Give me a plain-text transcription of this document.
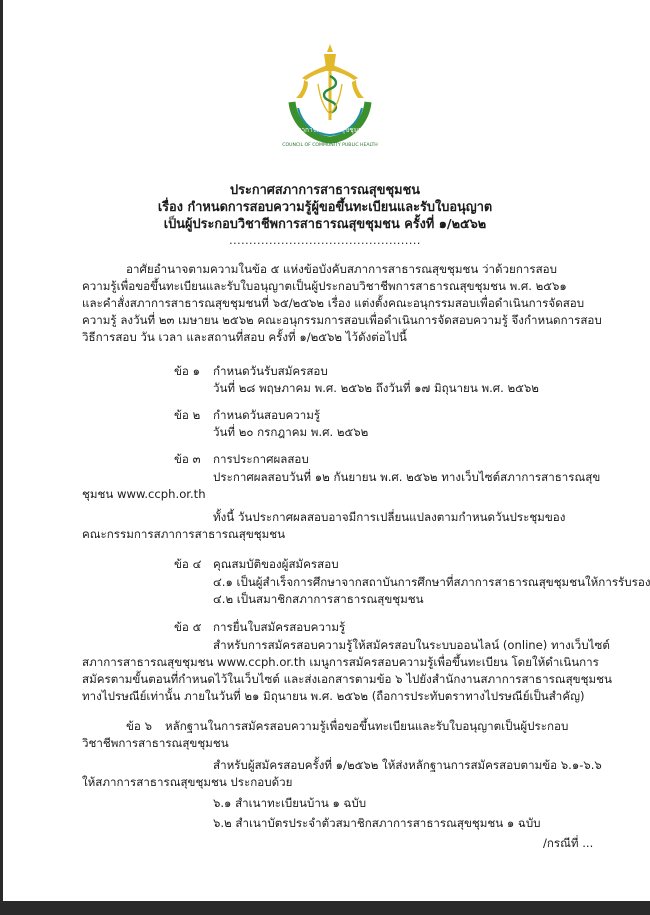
COUNCIL OF COMMUNITY PUBLIC HEALTH
สภาการสาธารณสุขชุมชน
ประกาศสภาการสาธารณสุขชุมชน
เรื่อง กำหนดการสอบความรู้ผู้ขอขึ้นทะเบียนและรับใบอนุญาต
เป็นผู้ประกอบวิชาชีพการสาธารณสุขชุมชน ครั้งที่ ๑/๒๕๖๒
................................................
อาศัยอำนาจตามความในข้อ ๕ แห่งข้อบังคับสภาการสาธารณสุขชุมชน ว่าด้วยการสอบ
ความรู้เพื่อขอขึ้นทะเบียนและรับใบอนุญาตเป็นผู้ประกอบวิชาชีพการสาธารณสุขชุมชน พ.ศ. ๒๕๖๑
และคำสั่งสภาการสาธารณสุขชุมชนที่ ๖๕/๒๕๖๒ เรื่อง แต่งตั้งคณะอนุกรรมสอบเพื่อดำเนินการจัดสอบ
ความรู้ ลงวันที่ ๒๓ เมษายน ๒๕๖๒ คณะอนุกรรมการสอบเพื่อดำเนินการจัดสอบความรู้ จึงกำหนดการสอบ
วิธีการสอบ วัน เวลา และสถานที่สอบ ครั้งที่ ๑/๒๕๖๒ ไว้ดังต่อไปนี้
ข้อ ๑ กำหนดวันรับสมัครสอบ
วันที่ ๒๘ พฤษภาคม พ.ศ. ๒๕๖๒ ถึงวันที่ ๑๗ มิถุนายน พ.ศ. ๒๕๖๒
ข้อ ๒ กำหนดวันสอบความรู้
วันที่ ๒๐ กรกฎาคม พ.ศ. ๒๕๖๒
ข้อ ๓ การประกาศผลสอบ
ประกาศผลสอบวันที่ ๑๒ กันยายน พ.ศ. ๒๕๖๒ ทางเว็บไซต์สภาการสาธารณสุข
ชุมชน www.ccph.or.th
ทั้งนี้ วันประกาศผลสอบอาจมีการเปลี่ยนแปลงตามกำหนดวันประชุมของ
คณะกรรมการสภาการสาธารณสุขชุมชน
ข้อ ๔ คุณสมบัติของผู้สมัครสอบ
๔.๑ เป็นผู้สำเร็จการศึกษาจากสถาบันการศึกษาที่สภาการสาธารณสุขชุมชนให้การรับรอง
๔.๒ เป็นสมาชิกสภาการสาธารณสุขชุมชน
ข้อ ๕ การยื่นใบสมัครสอบความรู้
สำหรับการสมัครสอบความรู้ให้สมัครสอบในระบบออนไลน์ (online) ทางเว็บไซต์
สภาการสาธารณสุขชุมชน www.ccph.or.th เมนูการสมัครสอบความรู้เพื่อขึ้นทะเบียน โดยให้ดำเนินการ
สมัครตามขั้นตอนที่กำหนดไว้ในเว็บไซต์ และส่งเอกสารตามข้อ ๖ ไปยังสำนักงานสภาการสาธารณสุขชุมชน
ทางไปรษณีย์เท่านั้น ภายในวันที่ ๒๑ มิถุนายน พ.ศ. ๒๕๖๒ (ถือการประทับตราทางไปรษณีย์เป็นสำคัญ)
ข้อ ๖ หลักฐานในการสมัครสอบความรู้เพื่อขอขึ้นทะเบียนและรับใบอนุญาตเป็นผู้ประกอบ
วิชาชีพการสาธารณสุขชุมชน
สำหรับผู้สมัครสอบครั้งที่ ๑/๒๕๖๒ ให้ส่งหลักฐานการสมัครสอบตามข้อ ๖.๑-๖.๖
ให้สภาการสาธารณสุขชุมชน ประกอบด้วย
๖.๑ สำเนาทะเบียนบ้าน ๑ ฉบับ
๖.๒ สำเนาบัตรประจำตัวสมาชิกสภาการสาธารณสุขชุมชน ๑ ฉบับ
/กรณีที่ ...
